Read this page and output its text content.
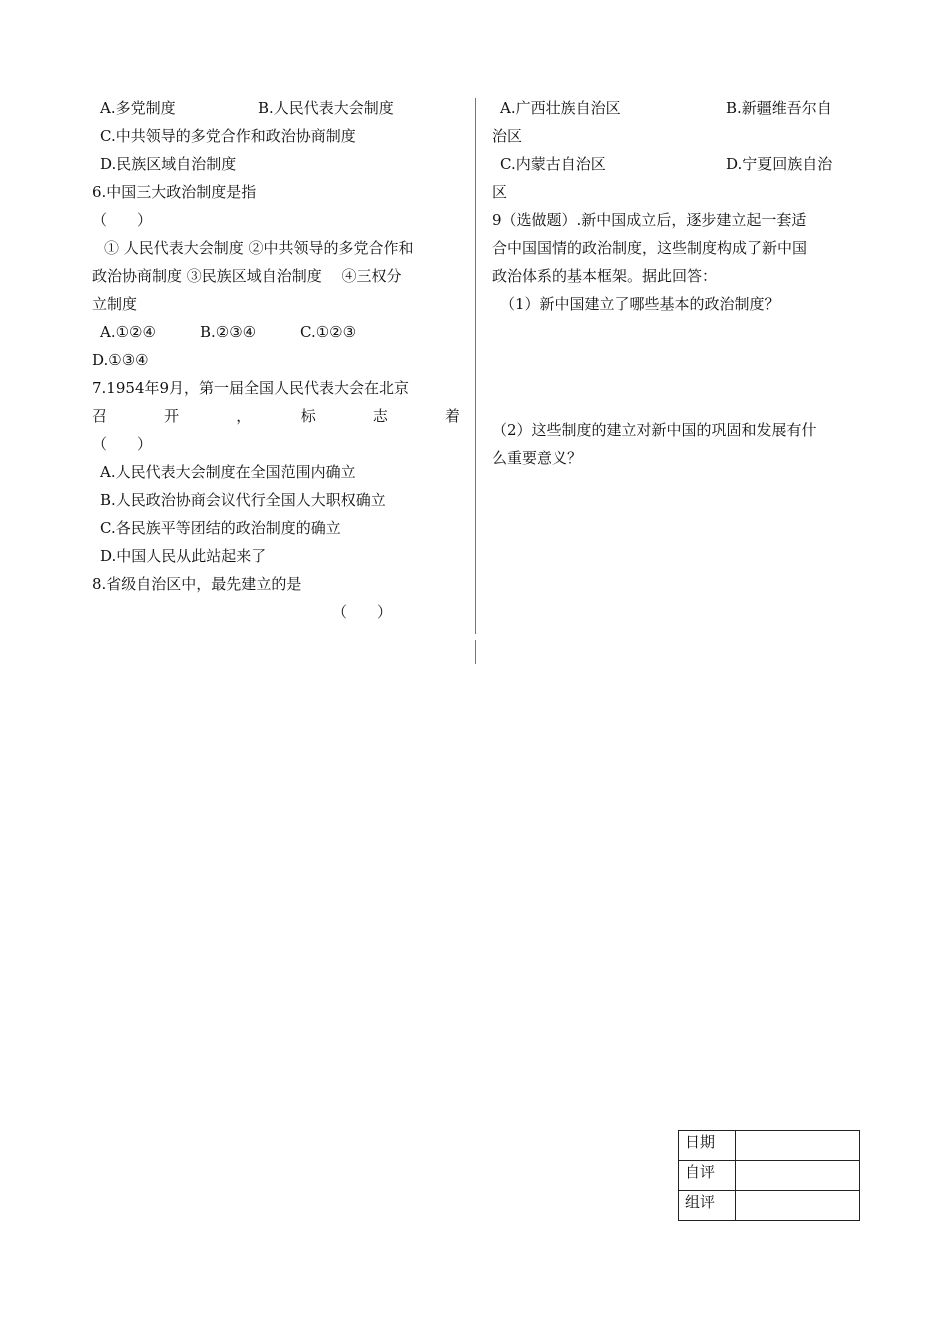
A.多党制度	B.人民代表大会制度
C.中共领导的多党合作和政治协商制度
D.民族区域自治制度
6.中国三大政治制度是指
（　　）
① 人民代表大会制度 ②中共领导的多党合作和
政治协商制度 ③民族区域自治制度　 ④三权分
立制度
A.①②④	B.②③④	C.①②③
D.①③④
7.1954年9月，第一届全国人民代表大会在北京
召　　开　　，　　标　　志　　着
（　　）
A.人民代表大会制度在全国范围内确立
B.人民政治协商会议代行全国人大职权确立
C.各民族平等团结的政治制度的确立
D.中国人民从此站起来了
8.省级自治区中，最先建立的是
（　　）
A.广西壮族自治区	B.新疆维吾尔自
治区
C.内蒙古自治区	D.宁夏回族自治
区
9（选做题）.新中国成立后，逐步建立起一套适
合中国国情的政治制度，这些制度构成了新中国
政治体系的基本框架。据此回答：
（1）新中国建立了哪些基本的政治制度？
（2）这些制度的建立对新中国的巩固和发展有什
么重要意义？
日期	
自评	
组评	
